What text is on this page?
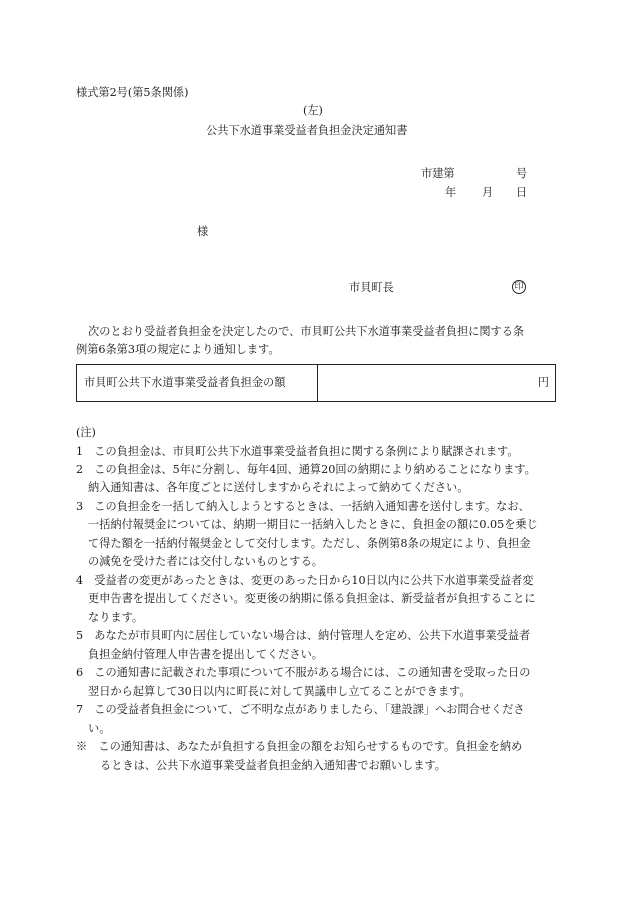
様式第2号(第5条関係)
(左)
公共下水道事業受益者負担金決定通知書
市建第	号
年 月 日
様
市貝町長	印
次のとおり受益者負担金を決定したので、市貝町公共下水道事業受益者負担に関する条
例第6条第3項の規定により通知します。
市貝町公共下水道事業受益者負担金の額	円
(注)
1　この負担金は、市貝町公共下水道事業受益者負担に関する条例により賦課されます。
2　この負担金は、5年に分割し、毎年4回、通算20回の納期により納めることになります。
納入通知書は、各年度ごとに送付しますからそれによって納めてください。
3　この負担金を一括して納入しようとするときは、一括納入通知書を送付します。なお、
一括納付報奨金については、納期一期目に一括納入したときに、負担金の額に0.05を乗じ
て得た額を一括納付報奨金として交付します。ただし、条例第8条の規定により、負担金
の減免を受けた者には交付しないものとする。
4　受益者の変更があったときは、変更のあった日から10日以内に公共下水道事業受益者変
更申告書を提出してください。変更後の納期に係る負担金は、新受益者が負担することに
なります。
5　あなたが市貝町内に居住していない場合は、納付管理人を定め、公共下水道事業受益者
負担金納付管理人申告書を提出してください。
6　この通知書に記載された事項について不服がある場合には、この通知書を受取った日の
翌日から起算して30日以内に町長に対して異議申し立てることができます。
7　この受益者負担金について、ご不明な点がありましたら、「建設課」へお問合せくださ
い。
※　この通知書は、あなたが負担する負担金の額をお知らせするものです。負担金を納め
るときは、公共下水道事業受益者負担金納入通知書でお願いします。
